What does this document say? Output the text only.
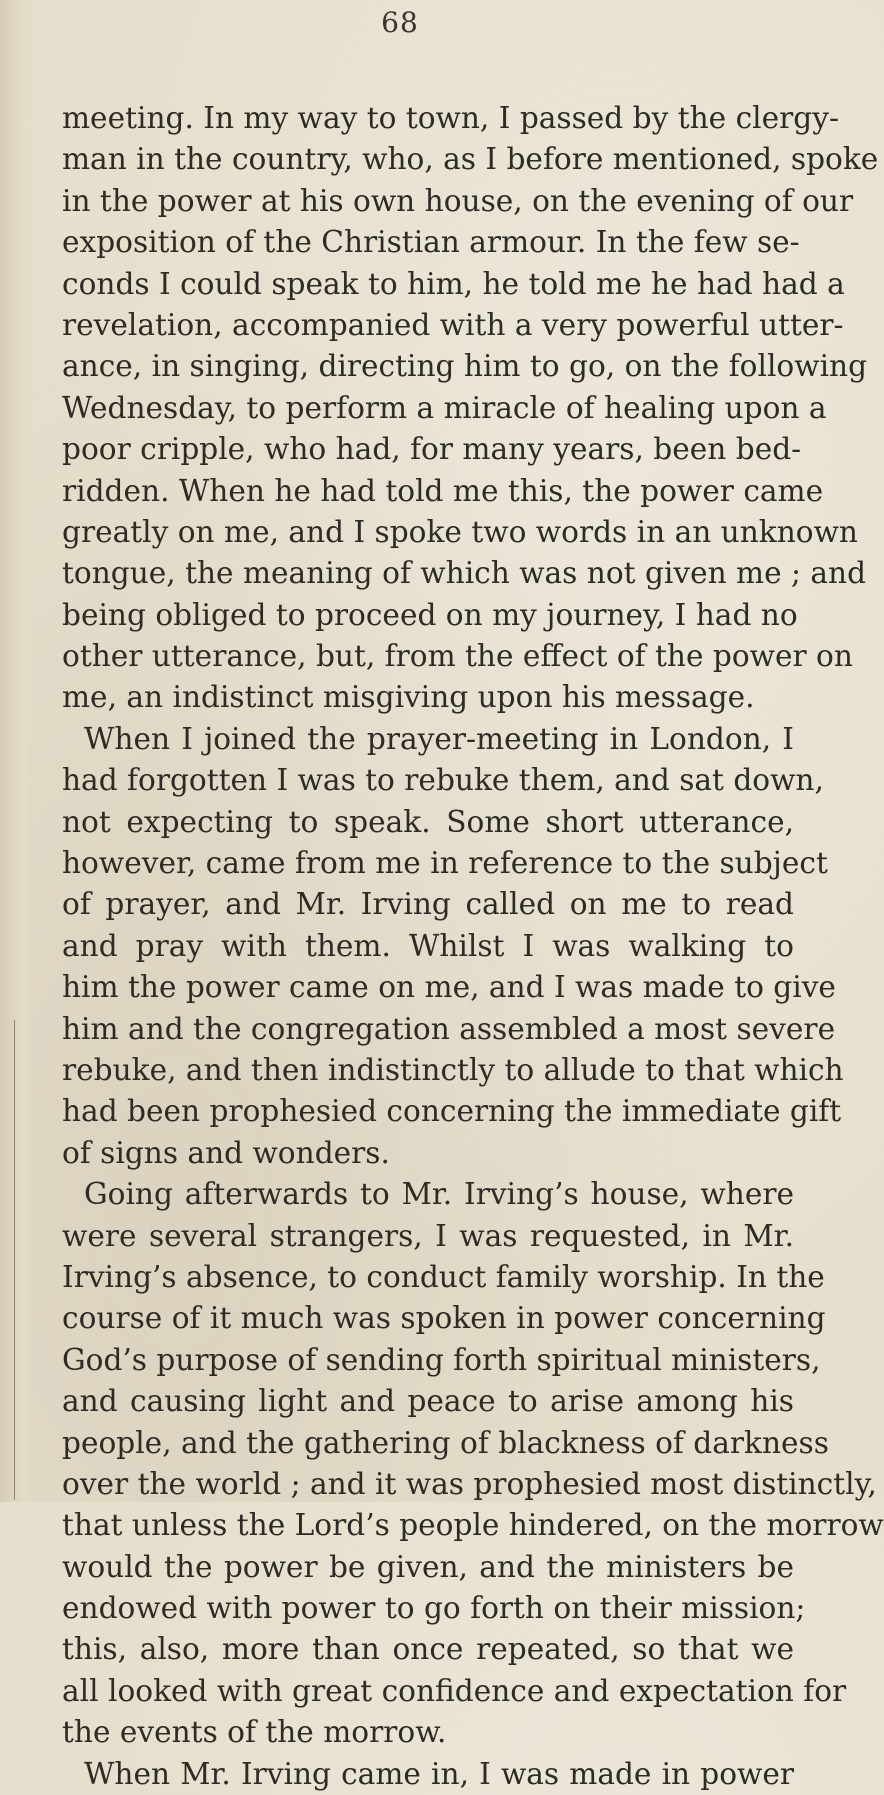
68
meeting. In my way to town, I passed by the clergy-
man in the country, who, as I before mentioned, spoke
in the power at his own house, on the evening of our
exposition of the Christian armour. In the few se-
conds I could speak to him, he told me he had had a
revelation, accompanied with a very powerful utter-
ance, in singing, directing him to go, on the following
Wednesday, to perform a miracle of healing upon a
poor cripple, who had, for many years, been bed-
ridden. When he had told me this, the power came
greatly on me, and I spoke two words in an unknown
tongue, the meaning of which was not given me ; and
being obliged to proceed on my journey, I had no
other utterance, but, from the effect of the power on
me, an indistinct misgiving upon his message.
When I joined the prayer-meeting in London, I
had forgotten I was to rebuke them, and sat down,
not expecting to speak. Some short utterance,
however, came from me in reference to the subject
of prayer, and Mr. Irving called on me to read
and pray with them. Whilst I was walking to
him the power came on me, and I was made to give
him and the congregation assembled a most severe
rebuke, and then indistinctly to allude to that which
had been prophesied concerning the immediate gift
of signs and wonders.
Going afterwards to Mr. Irving’s house, where
were several strangers, I was requested, in Mr.
Irving’s absence, to conduct family worship. In the
course of it much was spoken in power concerning
God’s purpose of sending forth spiritual ministers,
and causing light and peace to arise among his
people, and the gathering of blackness of darkness
over the world ; and it was prophesied most distinctly,
that unless the Lord’s people hindered, on the morrow
would the power be given, and the ministers be
endowed with power to go forth on their mission;
this, also, more than once repeated, so that we
all looked with great confidence and expectation for
the events of the morrow.
When Mr. Irving came in, I was made in power
